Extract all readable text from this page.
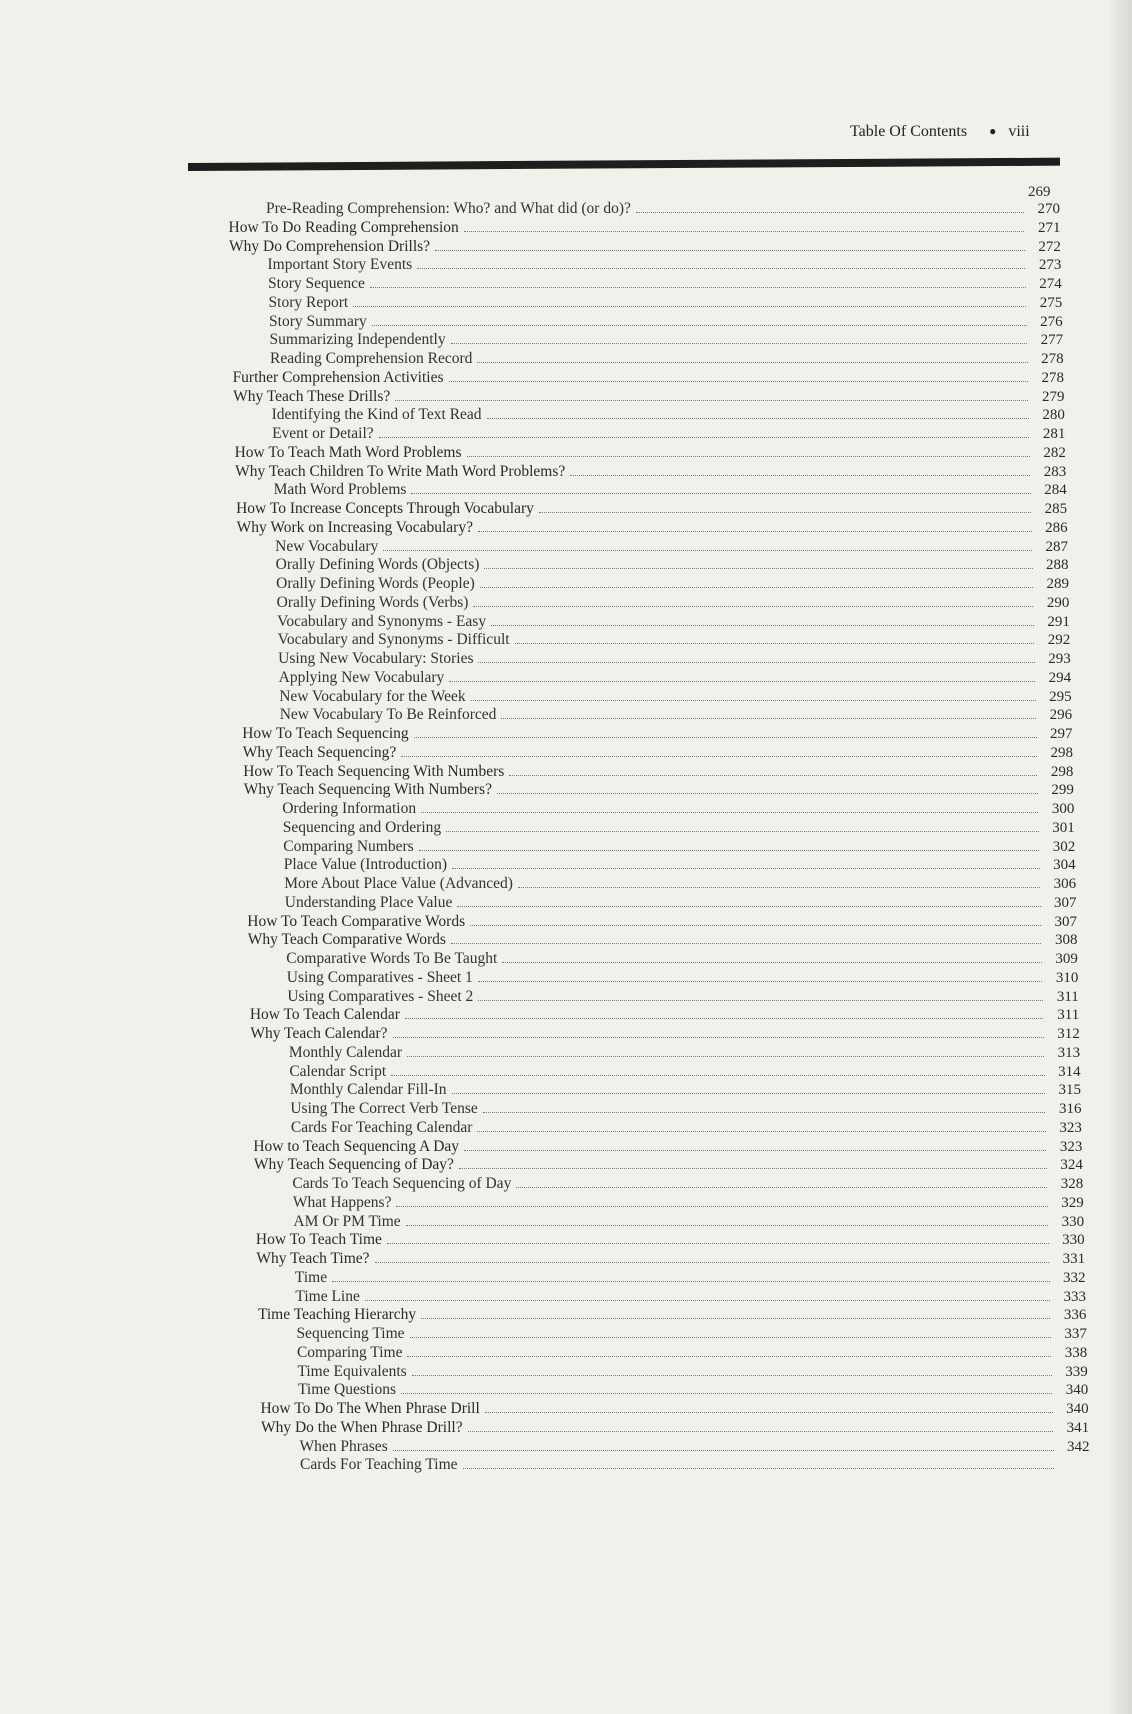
Table Of Contents ● viii
269
Pre-Reading Comprehension: Who? and What did (or do)?	270
How To Do Reading Comprehension	271
Why Do Comprehension Drills?	272
Important Story Events	273
Story Sequence	274
Story Report	275
Story Summary	276
Summarizing Independently	277
Reading Comprehension Record	278
Further Comprehension Activities	278
Why Teach These Drills?	279
Identifying the Kind of Text Read	280
Event or Detail?	281
How To Teach Math Word Problems	282
Why Teach Children To Write Math Word Problems?	283
Math Word Problems	284
How To Increase Concepts Through Vocabulary	285
Why Work on Increasing Vocabulary?	286
New Vocabulary	287
Orally Defining Words (Objects)	288
Orally Defining Words (People)	289
Orally Defining Words (Verbs)	290
Vocabulary and Synonyms - Easy	291
Vocabulary and Synonyms - Difficult	292
Using New Vocabulary: Stories	293
Applying New Vocabulary	294
New Vocabulary for the Week	295
New Vocabulary To Be Reinforced	296
How To Teach Sequencing	297
Why Teach Sequencing?	298
How To Teach Sequencing With Numbers	298
Why Teach Sequencing With Numbers?	299
Ordering Information	300
Sequencing and Ordering	301
Comparing Numbers	302
Place Value (Introduction)	304
More About Place Value (Advanced)	306
Understanding Place Value	307
How To Teach Comparative Words	307
Why Teach Comparative Words	308
Comparative Words To Be Taught	309
Using Comparatives - Sheet 1	310
Using Comparatives - Sheet 2	311
How To Teach Calendar	311
Why Teach Calendar?	312
Monthly Calendar	313
Calendar Script	314
Monthly Calendar Fill-In	315
Using The Correct Verb Tense	316
Cards For Teaching Calendar	323
How to Teach Sequencing A Day	323
Why Teach Sequencing of Day?	324
Cards To Teach Sequencing of Day	328
What Happens?	329
AM Or PM Time	330
How To Teach Time	330
Why Teach Time?	331
Time	332
Time Line	333
Time Teaching Hierarchy	336
Sequencing Time	337
Comparing Time	338
Time Equivalents	339
Time Questions	340
How To Do The When Phrase Drill	340
Why Do the When Phrase Drill?	341
When Phrases	342
Cards For Teaching Time
